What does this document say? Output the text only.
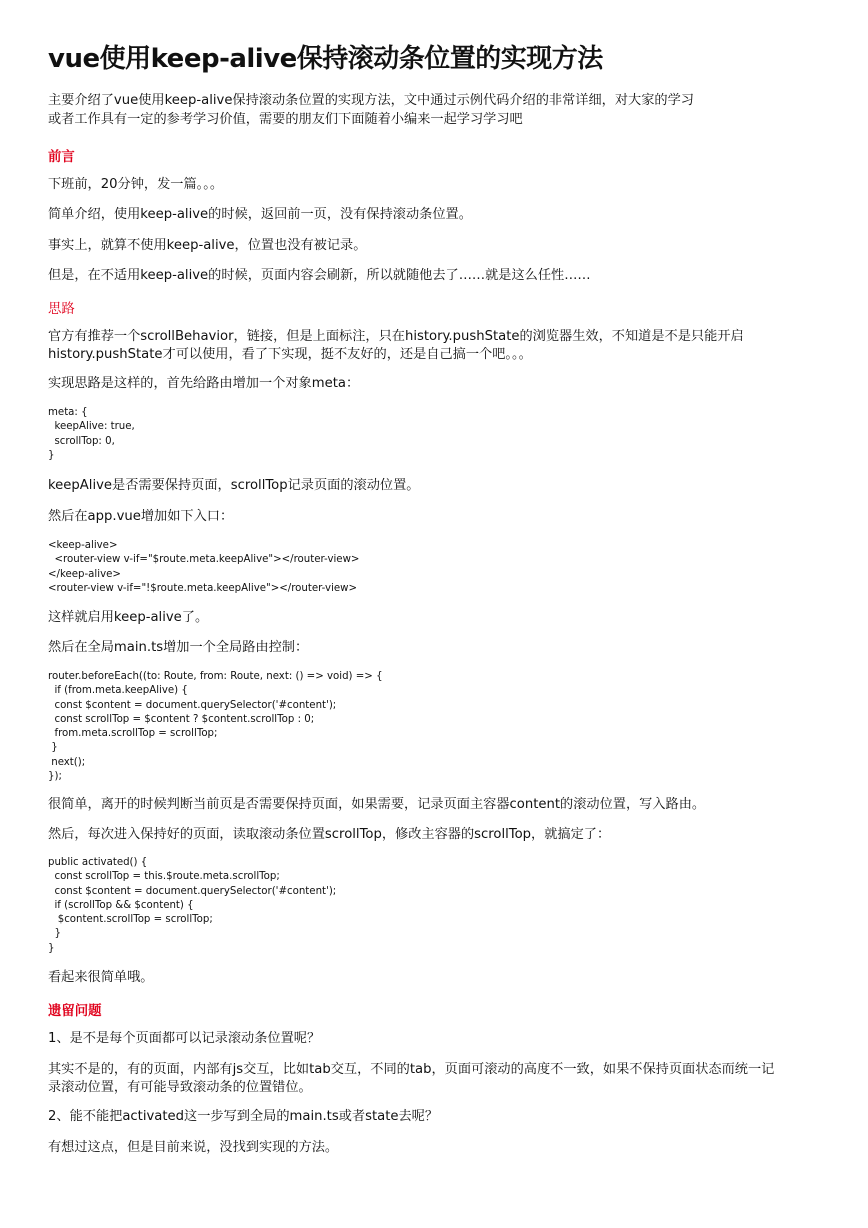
vue使用keep-alive保持滚动条位置的实现方法

主要介绍了vue使用keep-alive保持滚动条位置的实现方法，文中通过示例代码介绍的非常详细，对大家的学习

或者工作具有一定的参考学习价值，需要的朋友们下面随着小编来一起学习学习吧

前言

下班前，20分钟，发一篇。。。

简单介绍，使用keep-alive的时候，返回前一页，没有保持滚动条位置。

事实上，就算不使用keep-alive，位置也没有被记录。

但是，在不适用keep-alive的时候，页面内容会刷新，所以就随他去了……就是这么任性……

思路

官方有推荐一个scrollBehavior，链接，但是上面标注，只在history.pushState的浏览器生效，不知道是不是只能开启

history.pushState才可以使用，看了下实现，挺不友好的，还是自己搞一个吧。。。

实现思路是这样的，首先给路由增加一个对象meta：

meta: {
keepAlive: true,
scrollTop: 0,
}

keepAlive是否需要保持页面，scrollTop记录页面的滚动位置。

然后在app.vue增加如下入口：

<keep-alive>
<router-view v-if="$route.meta.keepAlive"></router-view>
</keep-alive>
<router-view v-if="!$route.meta.keepAlive"></router-view>

这样就启用keep-alive了。

然后在全局main.ts增加一个全局路由控制：

router.beforeEach((to: Route, from: Route, next: () => void) => {
if (from.meta.keepAlive) {
const $content = document.querySelector('#content');
const scrollTop = $content ? $content.scrollTop : 0;
from.meta.scrollTop = scrollTop;
}
next();
});

很简单，离开的时候判断当前页是否需要保持页面，如果需要，记录页面主容器content的滚动位置，写入路由。

然后，每次进入保持好的页面，读取滚动条位置scrollTop，修改主容器的scrollTop，就搞定了：

public activated() {
const scrollTop = this.$route.meta.scrollTop;
const $content = document.querySelector('#content');
if (scrollTop && $content) {
$content.scrollTop = scrollTop;
}
}

看起来很简单哦。

遗留问题

1、是不是每个页面都可以记录滚动条位置呢？

其实不是的，有的页面，内部有js交互，比如tab交互，不同的tab，页面可滚动的高度不一致，如果不保持页面状态而统一记

录滚动位置，有可能导致滚动条的位置错位。

2、能不能把activated这一步写到全局的main.ts或者state去呢？

有想过这点，但是目前来说，没找到实现的方法。
